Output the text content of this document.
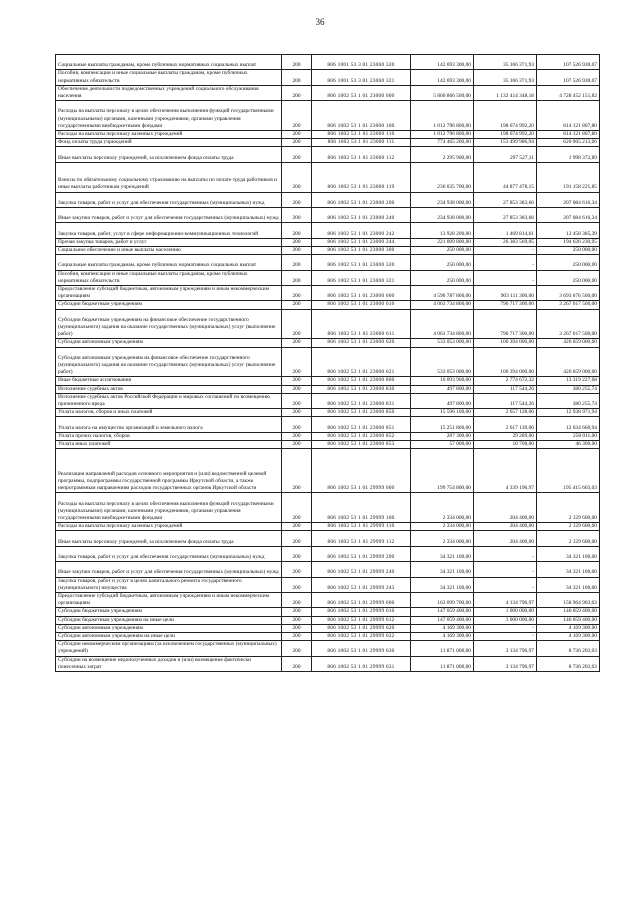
36
Социальные выплаты гражданам, кроме публичных нормативных социальных выплат	200	806 1001 53 3 01 23060 320	142 693 300,00	35 166 371,93	107 526 928,07
Пособия, компенсации и иные социальные выплаты гражданам, кроме публичных нормативных обязательств	200	806 1001 53 3 01 23060 321	142 693 300,00	35 166 371,93	107 526 928,07
Обеспечение деятельности подведомственных учреждений социального обслуживания населения	200	806 1002 53 1 01 23000 000	5 860 866 500,00	1 132 414 348,18	4 728 452 151,82
Расходы на выплаты персоналу в целях обеспечения выполнения функций государственными (муниципальными) органами, казенными учреждениями, органами управления государственными внебюджетными фондами	200	806 1002 53 1 01 23000 100	1 012 796 800,00	198 674 992,20	814 121 807,80
Расходы на выплаты персоналу казенных учреждений	200	806 1002 53 1 01 23000 110	1 012 796 800,00	198 674 992,20	814 121 807,80
Фонд оплаты труда учреждений	200	806 1002 53 1 01 23000 111	774 465 200,00	153 499 986,94	620 965 213,06
Иные выплаты персоналу учреждений, за исключением фонда оплаты труда	200	806 1002 53 1 01 23000 112	2 295 900,00	297 527,11	1 998 372,89
Взносы по обязательному социальному страхованию на выплаты по оплате труда работников и иные выплаты работникам учреждений	200	806 1002 53 1 01 23000 119	236 035 700,00	44 877 478,15	191 158 221,85
Закупка товаров, работ и услуг для обеспечения государственных (муниципальных) нужд	200	806 1002 53 1 01 23000 200	234 938 000,00	27 853 383,66	207 084 616,34
Иные закупки товаров, работ и услуг для обеспечения государственных (муниципальных) нужд	200	806 1002 53 1 01 23000 240	234 938 000,00	27 853 383,66	207 084 616,34
Закупка товаров, работ, услуг в сфере информационно-коммуникационных технологий	200	806 1002 53 1 01 23000 242	13 928 200,00	1 469 814,61	12 458 385,39
Прочая закупка товаров, работ и услуг	200	806 1002 53 1 01 23000 244	221 009 800,00	26 383 569,05	194 626 230,95
Социальное обеспечение и иные выплаты населению	200	806 1002 53 1 01 23000 300	250 000,00	-	250 000,00
Социальные выплаты гражданам, кроме публичных нормативных социальных выплат	200	806 1002 53 1 01 23000 320	250 000,00	-	250 000,00
Пособия, компенсации и иные социальные выплаты гражданам, кроме публичных нормативных обязательств	200	806 1002 53 1 01 23000 321	250 000,00	-	250 000,00
Предоставление субсидий бюджетным, автономным учреждениям и иным некоммерческим организациям	200	806 1002 53 1 01 23000 600	4 596 787 800,00	903 111 300,00	3 693 676 500,00
Субсидии бюджетным учреждениям	200	806 1002 53 1 01 23000 610	4 063 734 800,00	796 717 300,00	3 267 017 500,00
Субсидии бюджетным учреждениям на финансовое обеспечение государственного (муниципального) задания на оказание государственных (муниципальных) услуг (выполнение работ)	200	806 1002 53 1 01 23000 611	4 063 734 800,00	796 717 300,00	3 267 017 500,00
Субсидии автономным учреждениям	200	806 1002 53 1 01 23000 620	533 053 000,00	106 394 000,00	426 659 000,00
Субсидии автономным учреждениям на финансовое обеспечение государственного (муниципального) задания на оказание государственных (муниципальных) услуг (выполнение работ)	200	806 1002 53 1 01 23000 621	533 053 000,00	106 394 000,00	426 659 000,00
Иные бюджетные ассигнования	200	806 1002 53 1 01 23000 800	16 093 900,00	2 774 672,32	13 319 227,68
Исполнение судебных актов	200	806 1002 53 1 01 23000 830	497 800,00	117 544,26	380 255,74
Исполнение судебных актов Российской Федерации и мировых соглашений по возмещению причиненного вреда	200	806 1002 53 1 01 23000 831	497 800,00	117 544,26	380 255,74
Уплата налогов, сборов и иных платежей	200	806 1002 53 1 01 23000 850	15 596 100,00	2 657 128,06	12 938 971,94
Уплата налога на имущество организаций и земельного налога	200	806 1002 53 1 01 23000 851	15 251 800,00	2 617 139,06	12 634 660,94
Уплата прочих налогов, сборов	200	806 1002 53 1 01 23000 852	287 300,00	29 289,00	258 011,00
Уплата иных платежей	200	806 1002 53 1 01 23000 853	57 000,00	10 700,00	46 300,00
Реализация направлений расходов основного мероприятия и (или) ведомственной целевой программы, подпрограммы государственной программы Иркутской области, а также непрограммным направлениям расходов государственных органов Иркутской области	200	806 1002 53 1 01 29999 000	199 754 800,00	4 339 196,97	195 415 603,03
Расходы на выплаты персоналу в целях обеспечения выполнения функций государственными (муниципальными) органами, казенными учреждениями, органами управления государственными внебюджетными фондами	200	806 1002 53 1 01 29999 100	2 334 000,00	204 400,00	2 129 600,00
Расходы на выплаты персоналу казенных учреждений	200	806 1002 53 1 01 29999 110	2 334 000,00	204 400,00	2 129 600,00
Иные выплаты персоналу учреждений, за исключением фонда оплаты труда	200	806 1002 53 1 01 29999 112	2 334 000,00	204 400,00	2 129 600,00
Закупка товаров, работ и услуг для обеспечения государственных (муниципальных) нужд	200	806 1002 53 1 01 29999 200	34 321 100,00	-	34 321 100,00
Иные закупки товаров, работ и услуг для обеспечения государственных (муниципальных) нужд	200	806 1002 53 1 01 29999 240	34 321 100,00	-	34 321 100,00
Закупка товаров, работ и услуг в целях капитального ремонта государственного (муниципального) имущества	200	806 1002 53 1 01 29999 243	34 321 100,00	-	34 321 100,00
Предоставление субсидий бюджетным, автономным учреждениям и иным некоммерческим организациям	200	806 1002 53 1 01 29999 600	163 099 700,00	4 134 796,97	158 964 903,03
Субсидии бюджетным учреждениям	200	806 1002 53 1 01 29999 610	147 059 400,00	1 000 000,00	146 059 400,00
Субсидии бюджетным учреждениям на иные цели	200	806 1002 53 1 01 29999 612	147 059 400,00	1 000 000,00	146 059 400,00
Субсидии автономным учреждениям	200	806 1002 53 1 01 29999 620	4 169 300,00	-	4 169 300,00
Субсидии автономным учреждениям на иные цели	200	806 1002 53 1 01 29999 622	4 169 300,00	-	4 169 300,00
Субсидии некоммерческим организациям (за исключением государственных (муниципальных) учреждений)	200	806 1002 53 1 01 29999 630	11 871 000,00	3 134 796,97	8 736 203,03
Субсидии на возмещение недополученных доходов и (или) возмещение фактически понесенных затрат	200	806 1002 53 1 01 29999 631	11 871 000,00	3 134 796,97	8 736 203,03
